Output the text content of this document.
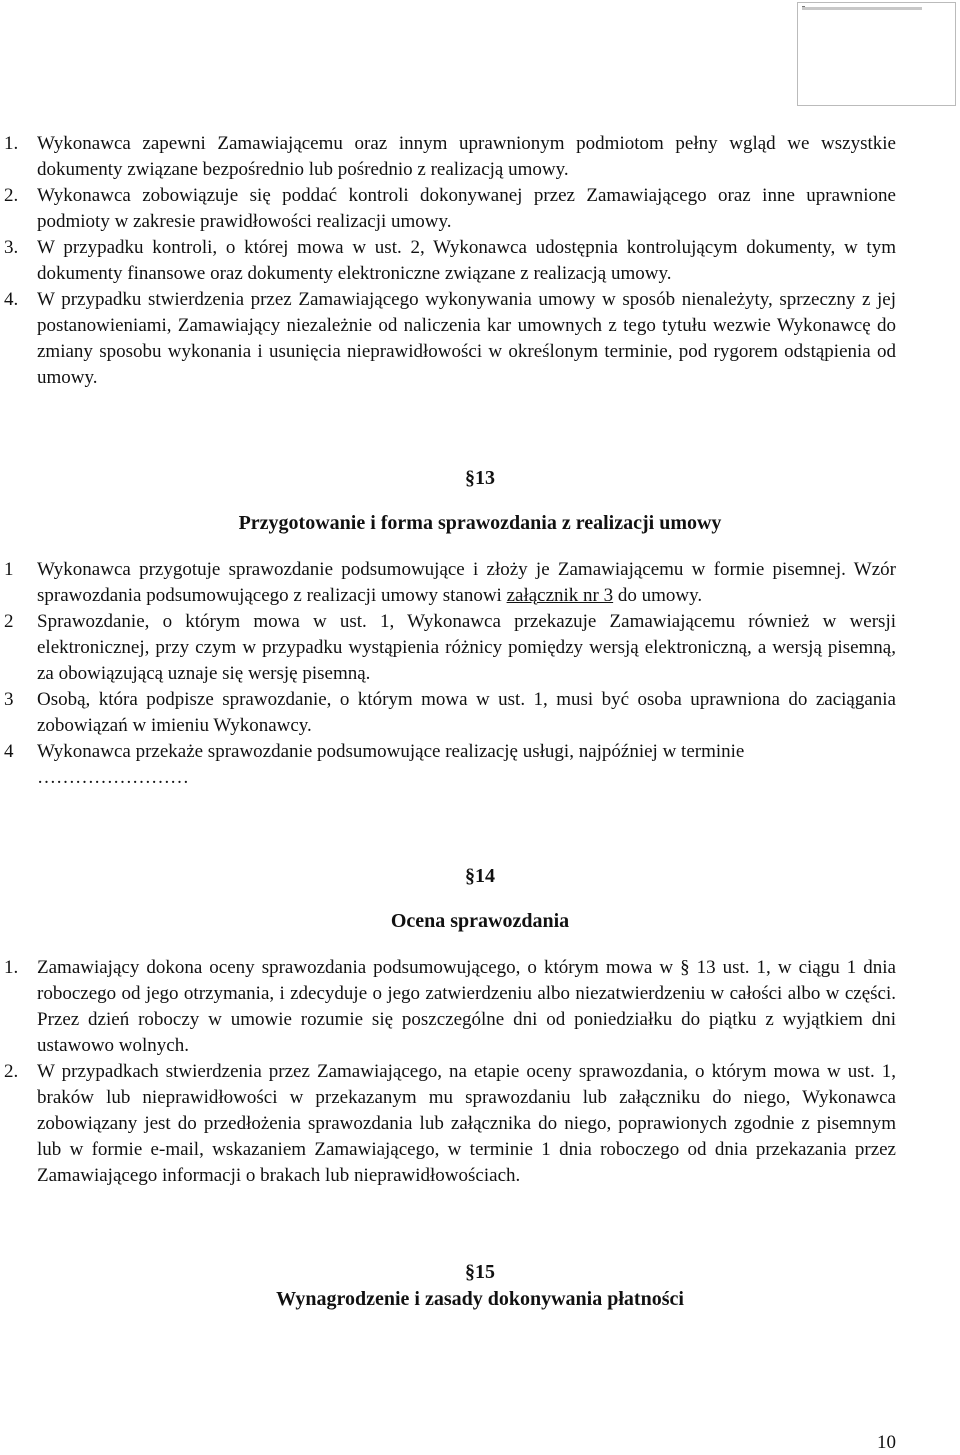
1. Wykonawca zapewni Zamawiającemu oraz innym uprawnionym podmiotom pełny wgląd we wszystkie dokumenty związane bezpośrednio lub pośrednio z realizacją umowy.

2. Wykonawca zobowiązuje się poddać kontroli dokonywanej przez Zamawiającego oraz inne uprawnione podmioty w zakresie prawidłowości realizacji umowy.

3. W przypadku kontroli, o której mowa w ust. 2, Wykonawca udostępnia kontrolującym dokumenty, w tym dokumenty finansowe oraz dokumenty elektroniczne związane z realizacją umowy.

4. W przypadku stwierdzenia przez Zamawiającego wykonywania umowy w sposób nienależyty, sprzeczny z jej postanowieniami, Zamawiający niezależnie od naliczenia kar umownych z tego tytułu wezwie Wykonawcę do zmiany sposobu wykonania i usunięcia nieprawidłowości w określonym terminie, pod rygorem odstąpienia od umowy.

§13
Przygotowanie i forma sprawozdania z realizacji umowy
1 Wykonawca przygotuje sprawozdanie podsumowujące i złoży je Zamawiającemu w formie pisemnej. Wzór sprawozdania podsumowującego z realizacji umowy stanowi załącznik nr 3 do umowy.

2 Sprawozdanie, o którym mowa w ust. 1, Wykonawca przekazuje Zamawiającemu również w wersji elektronicznej, przy czym w przypadku wystąpienia różnicy pomiędzy wersją elektroniczną, a wersją pisemną, za obowiązującą uznaje się wersję pisemną.

3 Osobą, która podpisze sprawozdanie, o którym mowa w ust. 1, musi być osoba uprawniona do zaciągania zobowiązań w imieniu Wykonawcy.

4 Wykonawca przekaże sprawozdanie podsumowujące realizację usługi, najpóźniej w terminie ……………………

§14
Ocena sprawozdania
1. Zamawiający dokona oceny sprawozdania podsumowującego, o którym mowa w § 13 ust. 1, w ciągu 1 dnia roboczego od jego otrzymania, i zdecyduje o jego zatwierdzeniu albo niezatwierdzeniu w całości albo w części. Przez dzień roboczy w umowie rozumie się poszczególne dni od poniedziałku do piątku z wyjątkiem dni ustawowo wolnych.

2. W przypadkach stwierdzenia przez Zamawiającego, na etapie oceny sprawozdania, o którym mowa w ust. 1, braków lub nieprawidłowości w przekazanym mu sprawozdaniu lub załączniku do niego, Wykonawca zobowiązany jest do przedłożenia sprawozdania lub załącznika do niego, poprawionych zgodnie z pisemnym lub w formie e-mail, wskazaniem Zamawiającego, w terminie 1 dnia roboczego od dnia przekazania przez Zamawiającego informacji o brakach lub nieprawidłowościach.

§15
Wynagrodzenie i zasady dokonywania płatności
10
